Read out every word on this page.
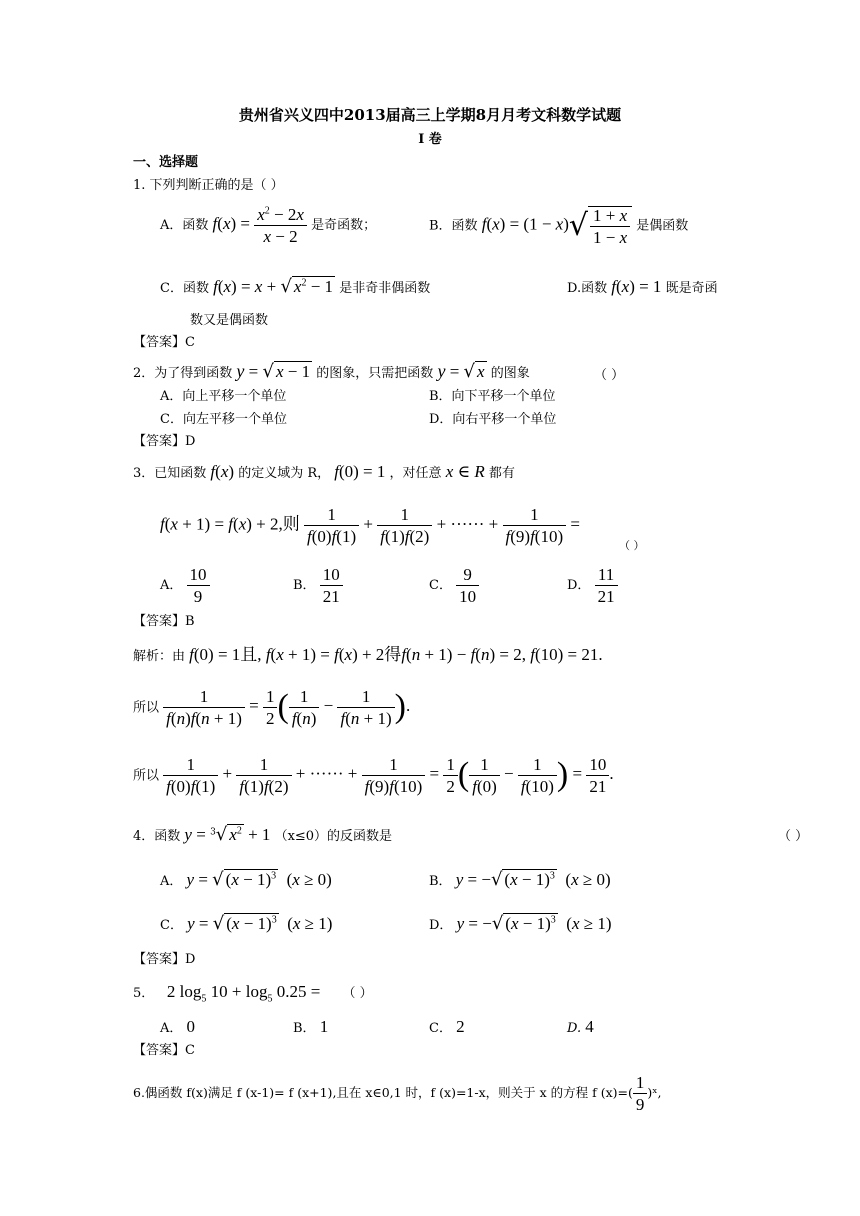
贵州省兴义四中2013届高三上学期8月月考文科数学试题
I 卷
一、选择题
1. 下列判断正确的是（ ）
A．函数 $f(x) = \frac{x^2 - 2x}{x - 2}$ 是奇函数；	B．函数 $f(x) = (1 - x)√ \frac{1 + x}{1 - x}$ 是偶函数
C．函数 f(x) = x + √ $x^2 - 1$ 是非奇非偶函数	D.函数 f(x) = 1 既是奇函
数又是偶函数
【答案】C
2．为了得到函数 y = √ x − 1 的图象，只需把函数 y = √ x 的图象	（ ）
A．向上平移一个单位	B．向下平移一个单位
C．向左平移一个单位	D．向右平移一个单位
【答案】D
3．已知函数 f(x) 的定义域为 R， f(0) = 1 ，对任意 x ∈ R 都有
f(x + 1) = f(x) + 2,则 $\frac{1}{f(0)f(1)} + \frac{1}{f(1)f(2)}$ + ······ + $\frac{1}{f(9)f(10)}$ =
（ ）
A． $\frac{10}{9}$	B． $\frac{10}{21}$	C． $\frac{9}{10}$	D． $\frac{11}{21}$
【答案】B
解析：由 f(0) = 1且, f(x + 1) = f(x) + 2得f(n + 1) − f(n) = 2, f(10) = 21.
所以 $\frac{1}{f(n)f(n + 1)} = \frac{1}{2}$ ( $\frac{1}{f(n)} - \frac{1}{f(n + 1)}$ ).
所以 $\frac{1}{f(0)f(1)} + \frac{1}{f(1)f(2)}$ + ······ + $\frac{1}{f(9)f(10)} = \frac{1}{2}$ ( $\frac{1}{f(0)} - \frac{1}{f(10)}$ ) = $\frac{10}{21}$ .
4．函数 y = $^3$√ $x^2 + 1$ （x≤0）的反函数是	（ ）
A． y = √ $(x - 1)^3$  (x ≥ 0)	B． y = −√ $(x - 1)^3$  (x ≥ 0)
C． y = √ $(x - 1)^3$  (x ≥ 1)	D． y = −√ $(x - 1)^3$  (x ≥ 1)
【答案】D
5．   2 $\log_5 10 + \log_5 0.25$ = （ ）
A． 0	B． 1	C． 2	D. 4
【答案】C
6.偶函数 f(x)满足 f (x-1)= f (x+1),且在 x∈0,1 时，f (x)=1-x，则关于 x 的方程 f $(x)=( \frac{1}{9}$ )ˣ,
